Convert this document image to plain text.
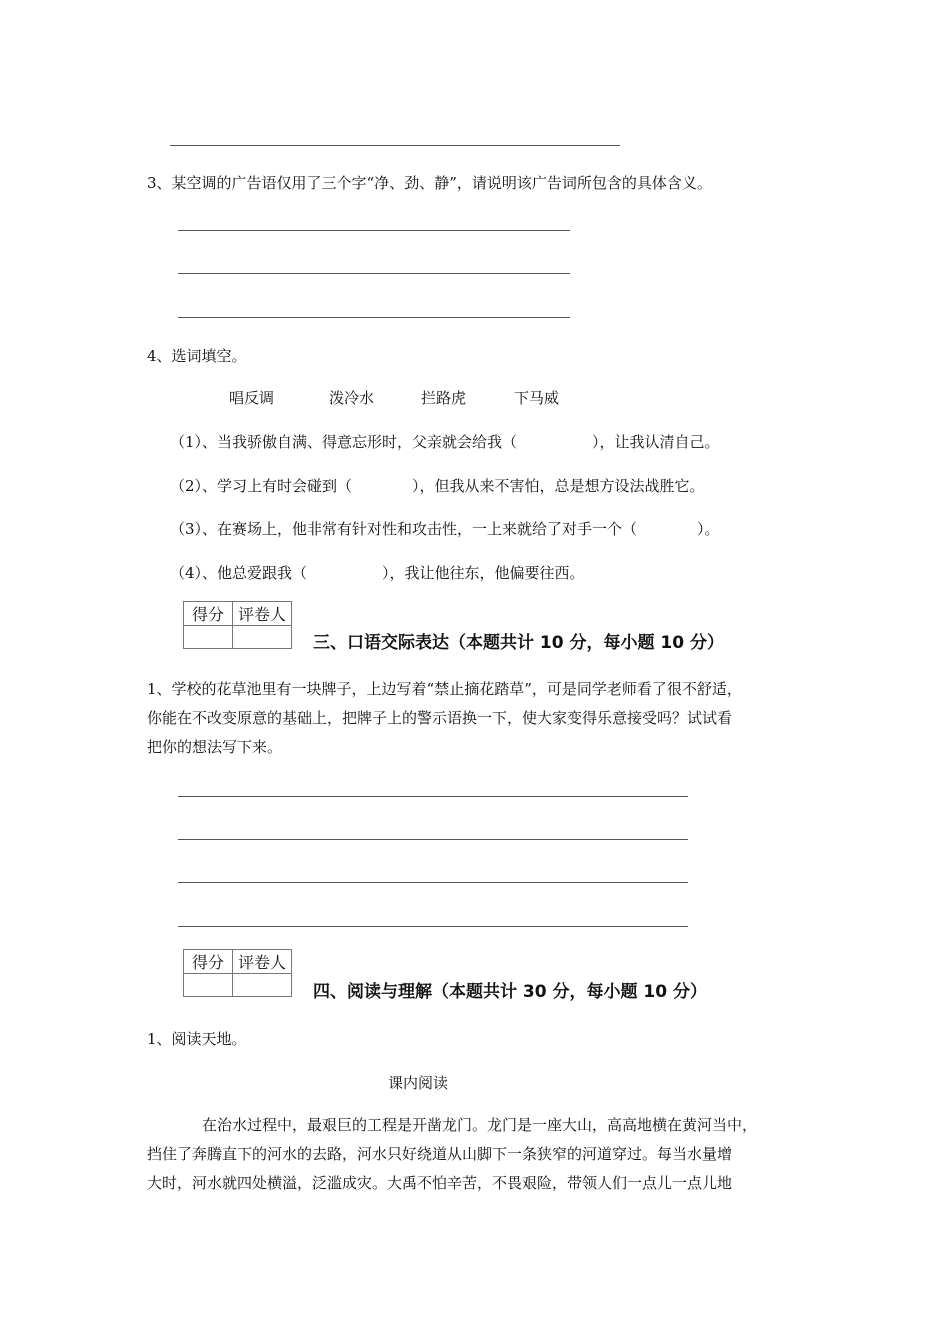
3、某空调的广告语仅用了三个字“净、劲、静”，请说明该广告词所包含的具体含义。
4、选词填空。
唱反调	泼冷水	拦路虎	下马威
（1）、当我骄傲自满、得意忘形时，父亲就会给我（　　　　　），让我认清自己。
（2）、学习上有时会碰到（　　　　），但我从来不害怕，总是想方设法战胜它。
（3）、在赛场上，他非常有针对性和攻击性，一上来就给了对手一个（　　　　）。
（4）、他总爱跟我（　　　　　），我让他往东，他偏要往西。
得分	评卷人

三、口语交际表达（本题共计 10 分，每小题 10 分）
1、学校的花草池里有一块牌子，上边写着“禁止摘花踏草”，可是同学老师看了很不舒适，
你能在不改变原意的基础上，把牌子上的警示语换一下，使大家变得乐意接受吗？试试看
把你的想法写下来。
得分	评卷人

四、阅读与理解（本题共计 30 分，每小题 10 分）
1、阅读天地。
课内阅读
在治水过程中，最艰巨的工程是开凿龙门。龙门是一座大山，高高地横在黄河当中，
挡住了奔腾直下的河水的去路，河水只好绕道从山脚下一条狭窄的河道穿过。每当水量增
大时，河水就四处横溢，泛滥成灾。大禹不怕辛苦，不畏艰险，带领人们一点儿一点儿地
